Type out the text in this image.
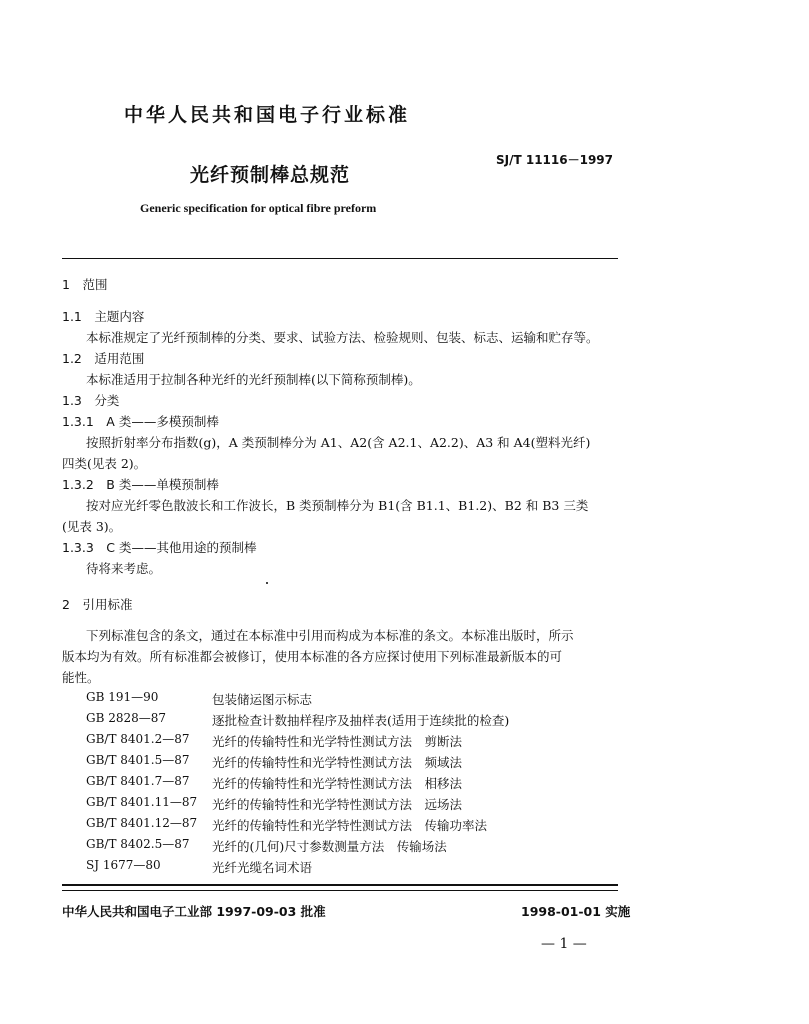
中华人民共和国电子行业标准
光纤预制棒总规范
SJ/T 11116－1997
Generic specification for optical fibre preform
1　范围
1.1　主题内容
本标准规定了光纤预制棒的分类、要求、试验方法、检验规则、包装、标志、运输和贮存等。
1.2　适用范围
本标准适用于拉制各种光纤的光纤预制棒(以下简称预制棒)。
1.3　分类
1.3.1　A 类——多模预制棒
按照折射率分布指数(g)，A 类预制棒分为 A1、A2(含 A2.1、A2.2)、A3 和 A4(塑料光纤)
四类(见表 2)。
1.3.2　B 类——单模预制棒
按对应光纤零色散波长和工作波长，B 类预制棒分为 B1(含 B1.1、B1.2)、B2 和 B3 三类
(见表 3)。
1.3.3　C 类——其他用途的预制棒
待将来考虑。
2　引用标准
下列标准包含的条文，通过在本标准中引用而构成为本标准的条文。本标准出版时，所示
版本均为有效。所有标准都会被修订，使用本标准的各方应探讨使用下列标准最新版本的可
能性。
GB 191—90	包装储运图示标志
GB 2828—87	逐批检查计数抽样程序及抽样表(适用于连续批的检查)
GB/T 8401.2—87 光纤的传输特性和光学特性测试方法　剪断法
GB/T 8401.5—87 光纤的传输特性和光学特性测试方法　频域法
GB/T 8401.7—87 光纤的传输特性和光学特性测试方法　相移法
GB/T 8401.11—87 光纤的传输特性和光学特性测试方法　远场法
GB/T 8401.12—87 光纤的传输特性和光学特性测试方法　传输功率法
GB/T 8402.5—87 光纤的(几何)尺寸参数测量方法　传输场法
SJ 1677—80	光纤光缆名词术语
中华人民共和国电子工业部 1997-09-03 批准	1998-01-01 实施
— 1 —
